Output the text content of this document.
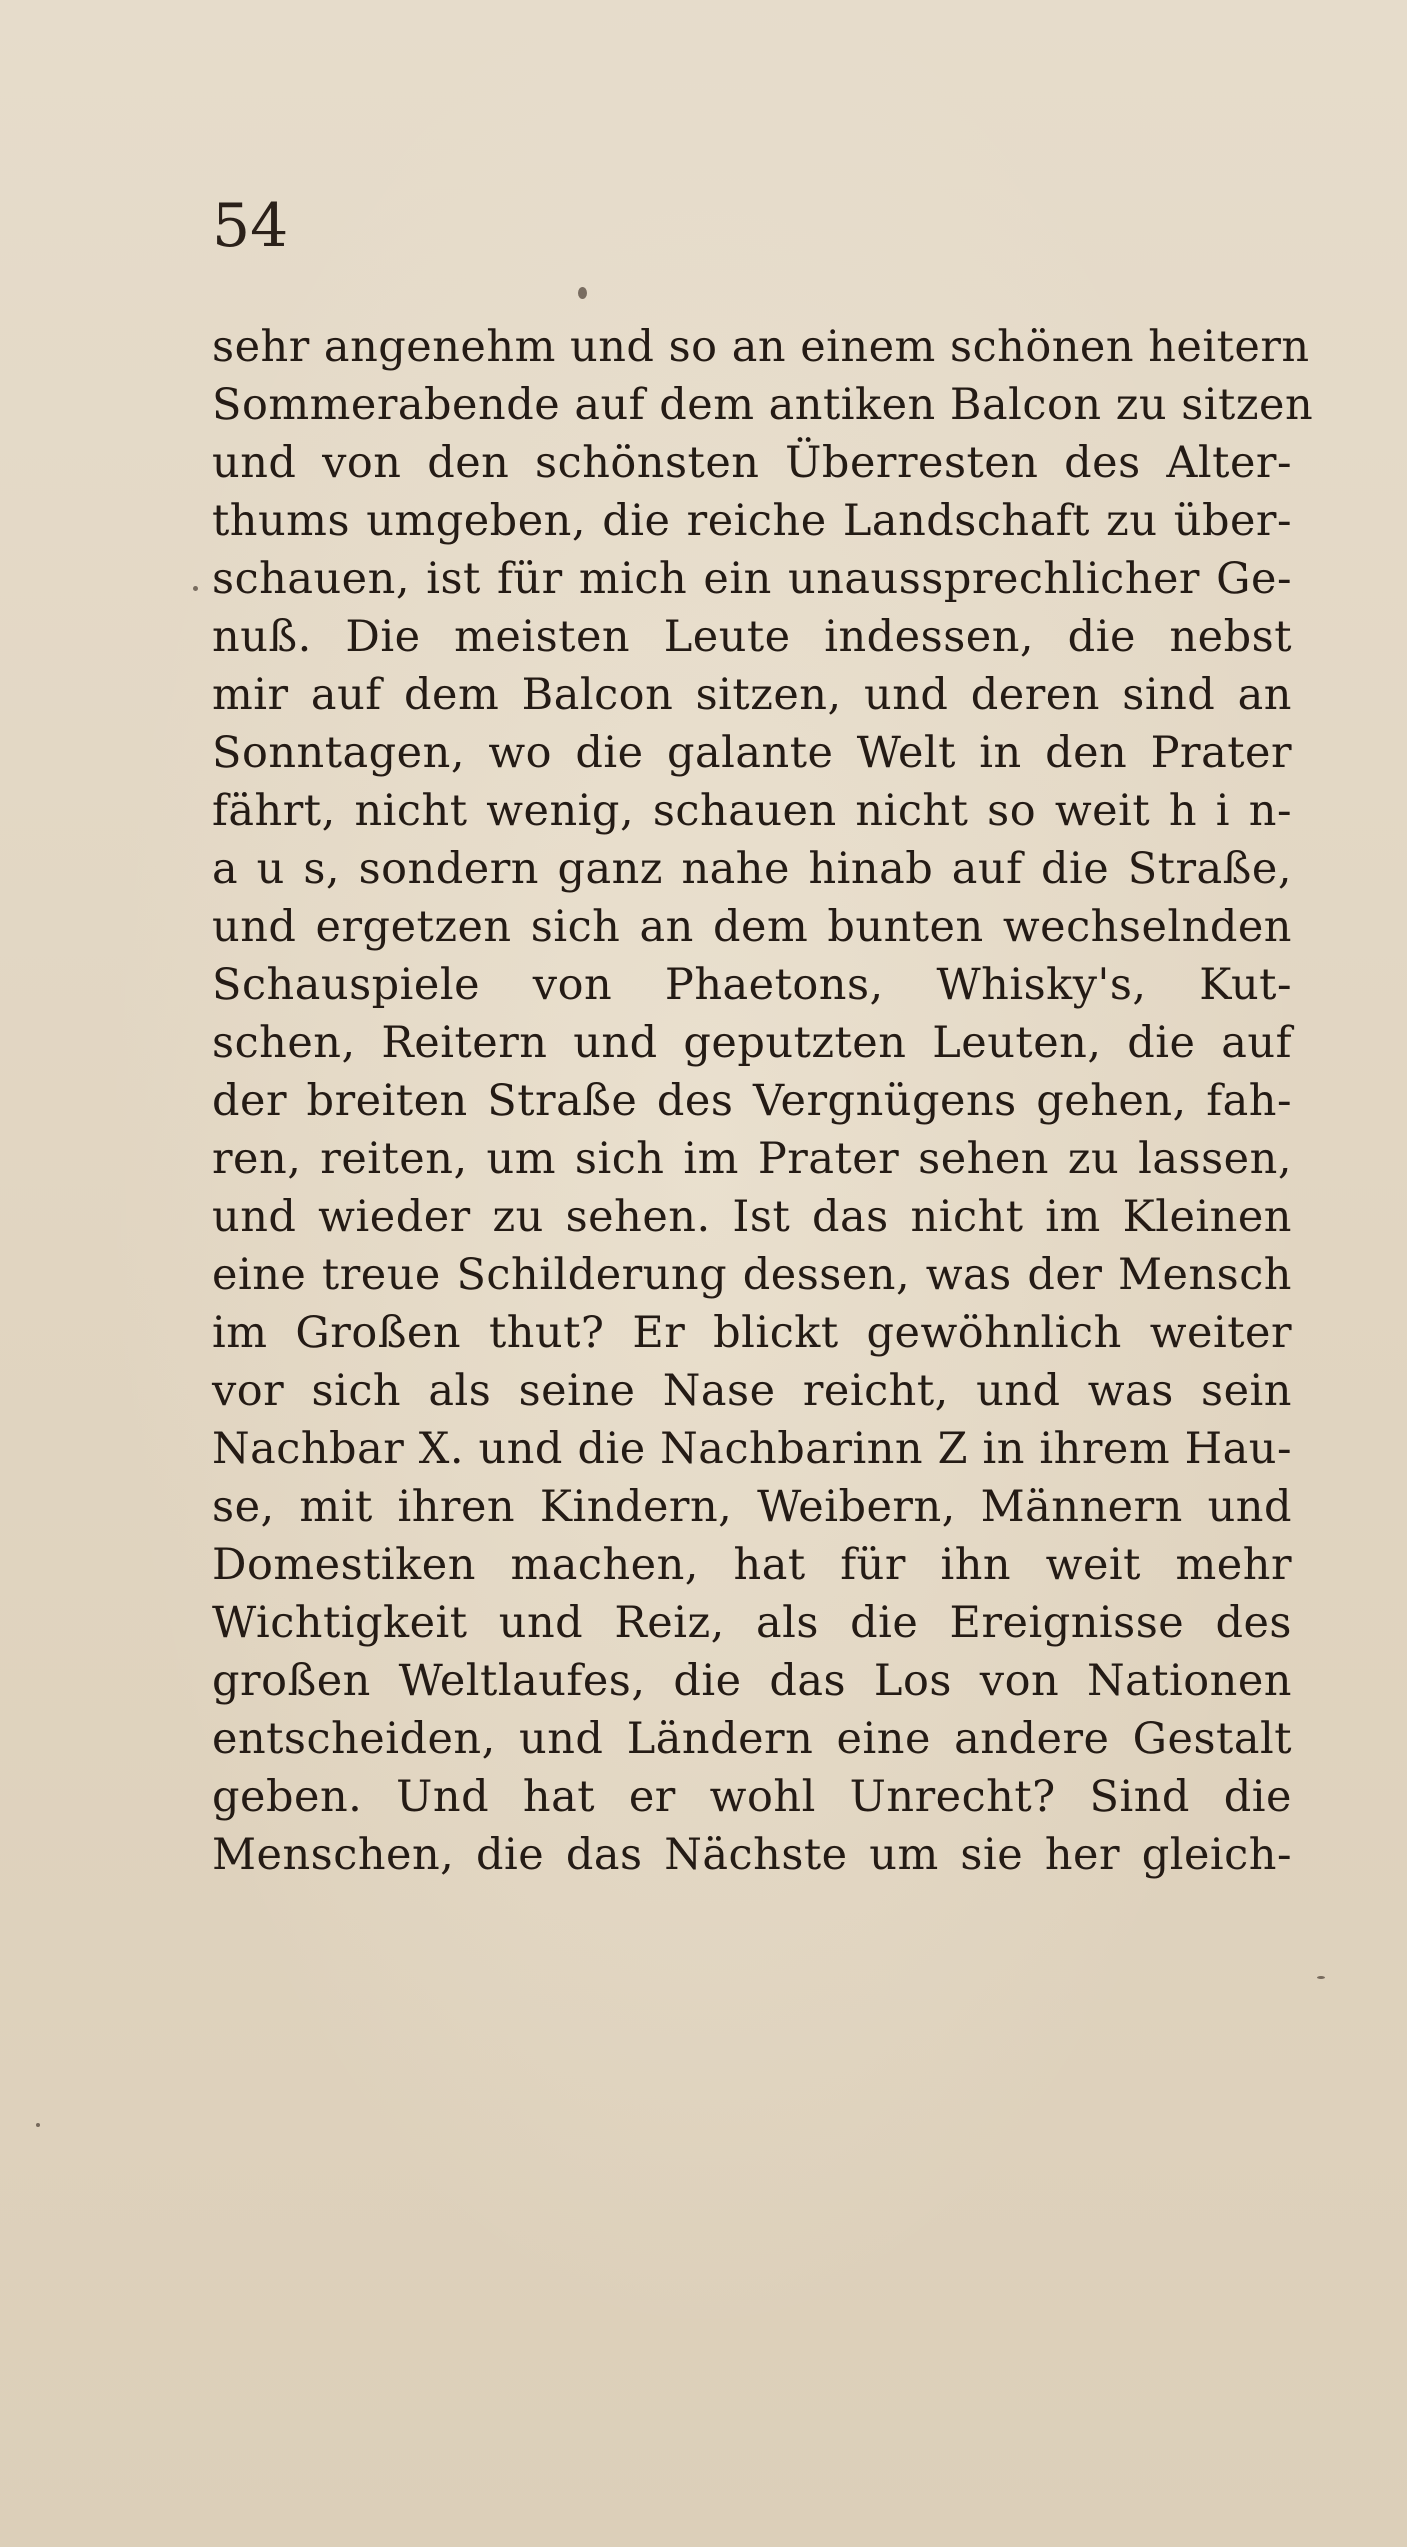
54
sehr angenehm und so an einem schönen heitern
Sommerabende auf dem antiken Balcon zu sitzen
und von den schönsten Überresten des Alter-
thums umgeben, die reiche Landschaft zu über-
schauen, ist für mich ein unaussprechlicher Ge-
nuß. Die meisten Leute indessen, die nebst
mir auf dem Balcon sitzen, und deren sind an
Sonntagen, wo die galante Welt in den Prater
fährt, nicht wenig, schauen nicht so weit h i n-
a u s, sondern ganz nahe hinab auf die Straße,
und ergetzen sich an dem bunten wechselnden
Schauspiele von Phaetons, Whisky's, Kut-
schen, Reitern und geputzten Leuten, die auf
der breiten Straße des Vergnügens gehen, fah-
ren, reiten, um sich im Prater sehen zu lassen,
und wieder zu sehen. Ist das nicht im Kleinen
eine treue Schilderung dessen, was der Mensch
im Großen thut? Er blickt gewöhnlich weiter
vor sich als seine Nase reicht, und was sein
Nachbar X. und die Nachbarinn Z in ihrem Hau-
se, mit ihren Kindern, Weibern, Männern und
Domestiken machen, hat für ihn weit mehr
Wichtigkeit und Reiz, als die Ereignisse des
großen Weltlaufes, die das Los von Nationen
entscheiden, und Ländern eine andere Gestalt
geben. Und hat er wohl Unrecht? Sind die
Menschen, die das Nächste um sie her gleich-
